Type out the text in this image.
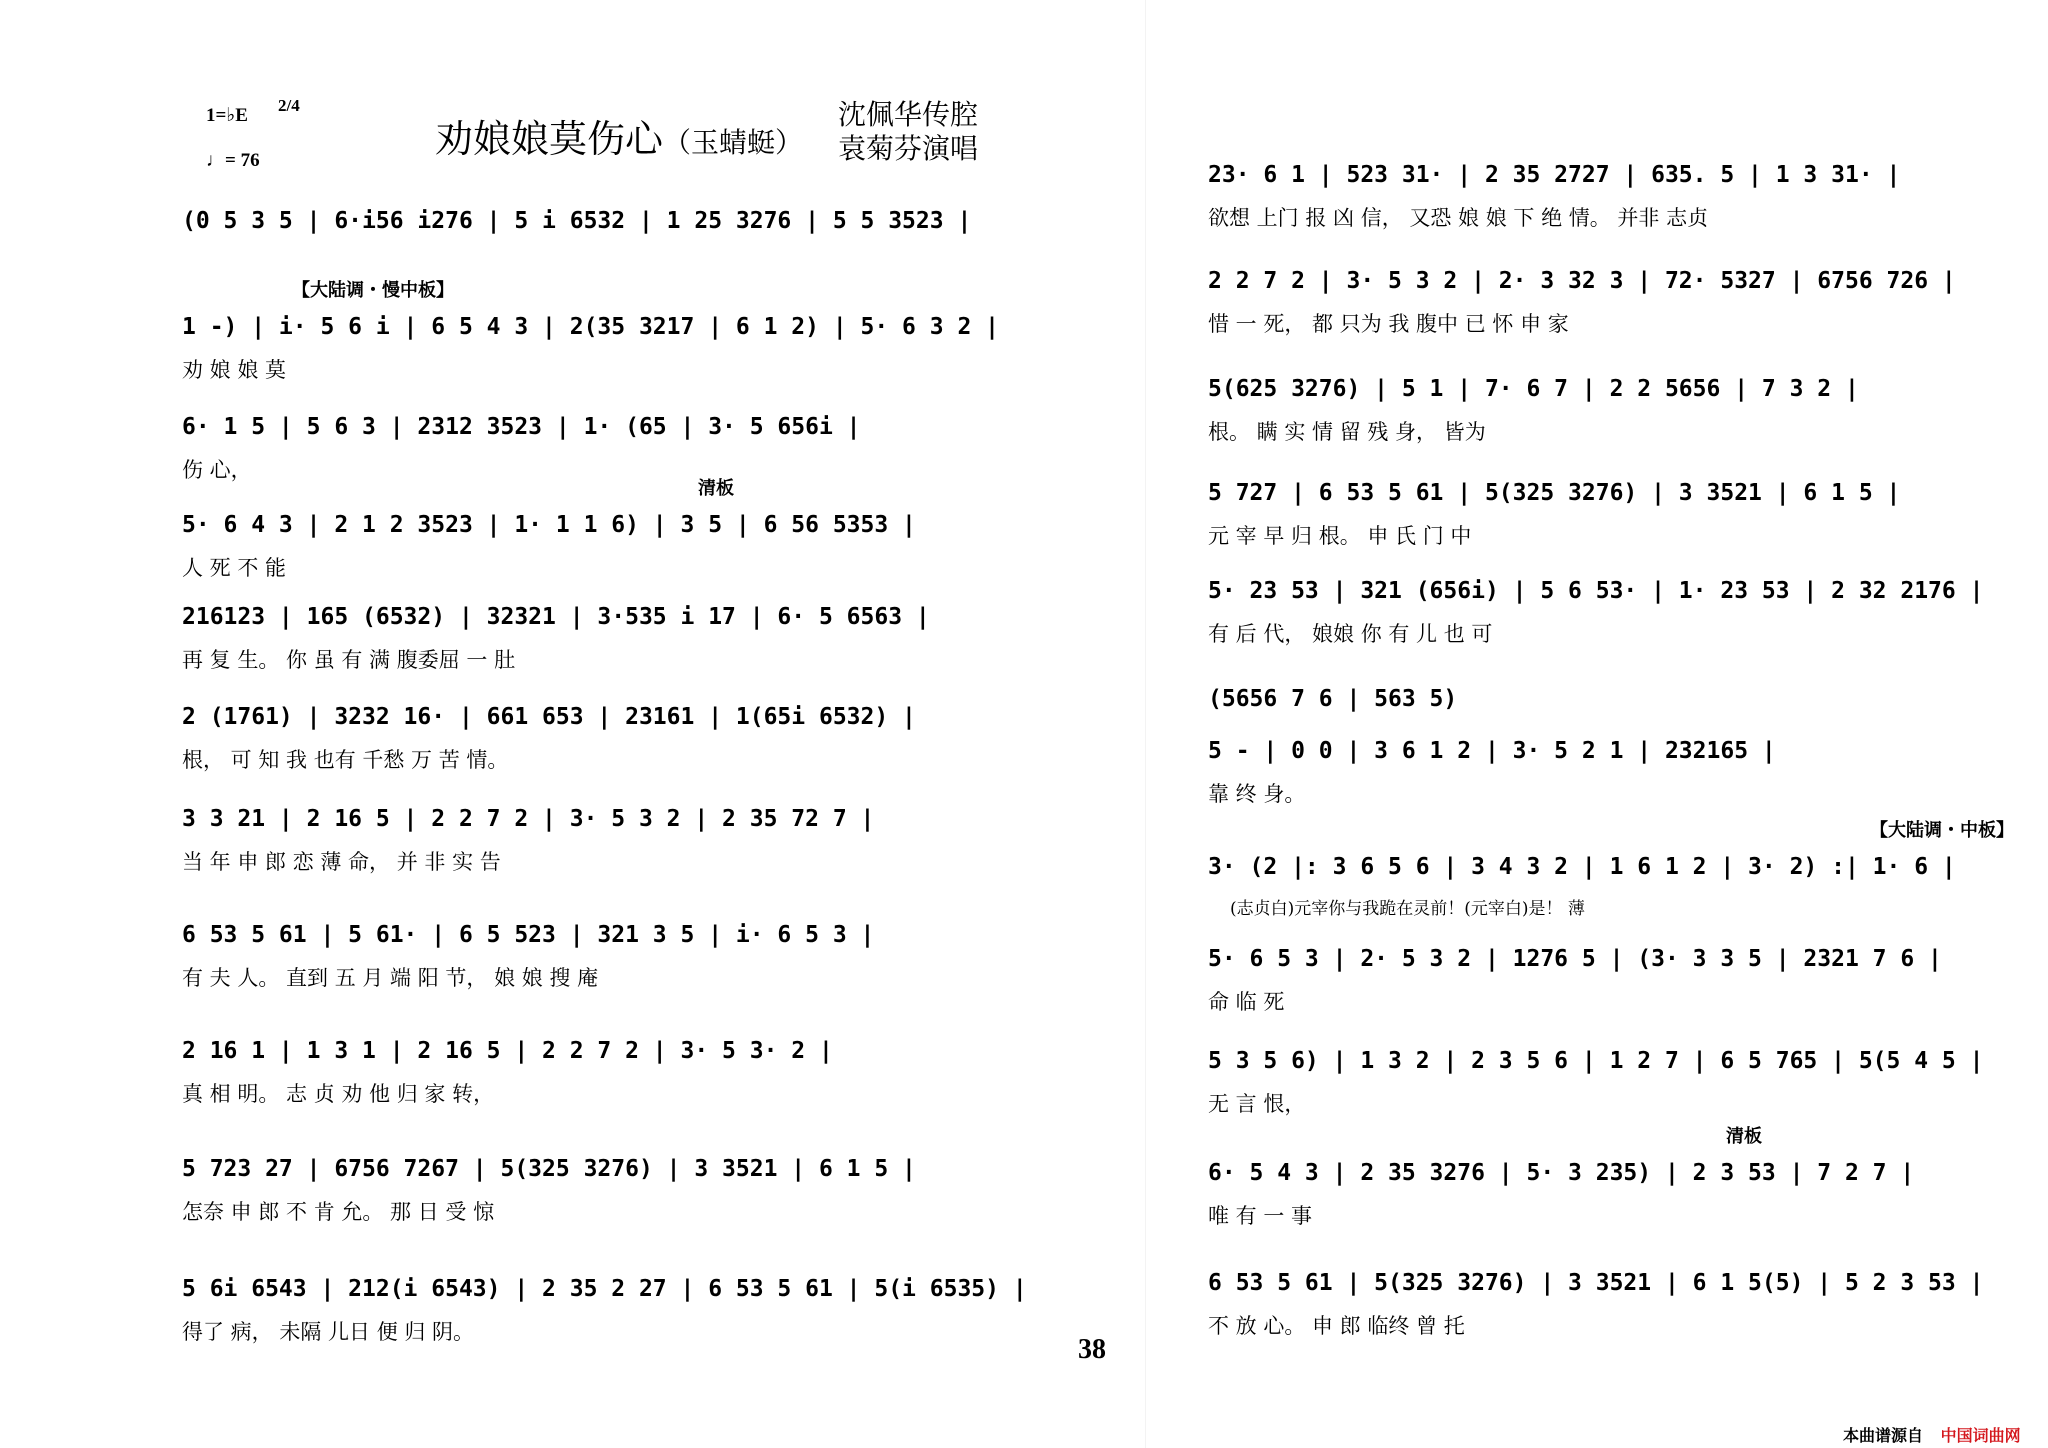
1=♭E 2/4
♩= 76	劝娘娘莫伤心（玉蜻蜓）
沈佩华传腔
袁菊芬演唱
(0 5 3 5 | 6·i56 i276 | 5 i 6532 | 1 25 3276 | 5 5 3523 |
【大陆调・慢中板】
1 -) | i· 5 6 i | 6 5 4 3 | 2(35 3217 | 6 1 2) | 5· 6 3 2 |
劝 娘 娘 莫
6· 1 5 | 5 6 3 | 2312 3523 | 1· (65 | 3· 5 656i |
伤 心，
清板
5· 6 4 3 | 2 1 2 3523 | 1· 1 1 6) | 3 5 | 6 56 5353 |
人 死 不 能
216123 | 165 (6532) | 32321 | 3·535 i 17 | 6· 5 6563 |
再 复 生。 你 虽 有 满 腹委屈 一 肚
2 (1761) | 3232 16· | 661 653 | 23161 | 1(65i 6532) |
根， 可 知 我 也有 千愁 万 苦 情。
3 3 21 | 2 16 5 | 2 2 7 2 | 3· 5 3 2 | 2 35 72 7 |
当 年 申 郎 恋 薄 命， 并 非 实 告
6 53 5 61 | 5 61· | 6 5 523 | 321 3 5 | i· 6 5 3 |
有 夫 人。 直到 五 月 端 阳 节， 娘 娘 搜 庵
2 16 1 | 1 3 1 | 2 16 5 | 2 2 7 2 | 3· 5 3· 2 |
真 相 明。 志 贞 劝 他 归 家 转，
5 723 27 | 6756 7267 | 5(325 3276) | 3 3521 | 6 1 5 |
怎奈 申 郎 不 肯 允。 那 日 受 惊
5 6i 6543 | 212(i 6543) | 2 35 2 27 | 6 53 5 61 | 5(i 6535) |
得了 病， 未隔 儿日 便 归 阴。
23· 6 1 | 523 31· | 2 35 2727 | 635. 5 | 1 3 31· |
欲想 上门 报 凶 信， 又恐 娘 娘 下 绝 情。 并非 志贞
2 2 7 2 | 3· 5 3 2 | 2· 3 32 3 | 72· 5327 | 6756 726 |
惜 一 死， 都 只为 我 腹中 已 怀 申 家
5(625 3276) | 5 1 | 7· 6 7 | 2 2 5656 | 7 3 2 |
根。 瞒 实 情 留 残 身， 皆为
5 727 | 6 53 5 61 | 5(325 3276) | 3 3521 | 6 1 5 |
元 宰 早 归 根。 申 氏 门 中
5· 23 53 | 321 (656i) | 5 6 53· | 1· 23 53 | 2 32 2176 |
有 后 代， 娘娘 你 有 儿 也 可
(5656 7 6 | 563 5)
5 - | 0 0 | 3 6 1 2 | 3· 5 2 1 | 232165 |
靠 终 身。
【大陆调・中板】
3· (2 |: 3 6 5 6 | 3 4 3 2 | 1 6 1 2 | 3· 2) :| 1· 6 |
(志贞白)元宰你与我跪在灵前！(元宰白)是！ 薄
5· 6 5 3 | 2· 5 3 2 | 1276 5 | (3· 3 3 5 | 2321 7 6 |
命 临 死
5 3 5 6) | 1 3 2 | 2 3 5 6 | 1 2 7 | 6 5 765 | 5(5 4 5 |
无 言 恨，
清板
6· 5 4 3 | 2 35 3276 | 5· 3 235) | 2 3 53 | 7 2 7 |
唯 有 一 事
6 53 5 61 | 5(325 3276) | 3 3521 | 6 1 5(5) | 5 2 3 53 |
不 放 心。 申 郎 临终 曾 托
38
本曲谱源自 中国词曲网
